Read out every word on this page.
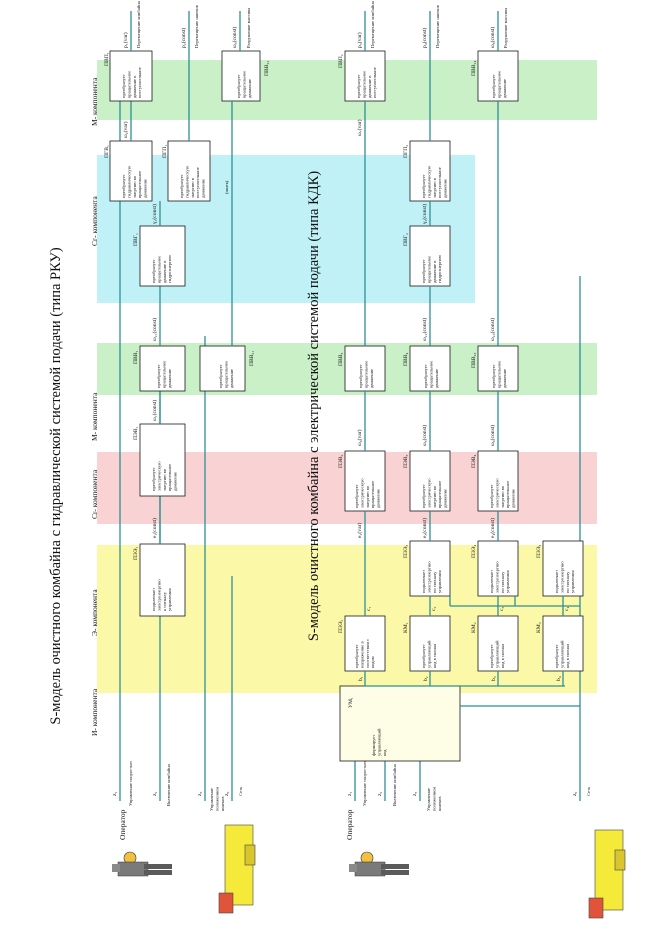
S-модель очистного комбайна с гидравлической системой подачи (типа РКУ)	S-модель очистного комбайна с электрической системой подачи (типа КДК)
И- компонента
Э- компонента
Сr- компонента
М- компонента
Сг- компонента
М- компонента
Оператор	Оператор
z₁ Управление скоростью	z₂ Включение комбайна	z₃ Управлениеположениемшнеков
z₀ Сеть
ПЭЭ₁
подключаетэлектроэнергиюк сигналууправления
e₁(const)
ПЭВ₁
преобразуетэлектрическуюэнергию вовращательноедвижение
ω₁(const)
ПВВ₁
преобразуетвращательноедвижение
ПВВ₂₁
преобразуетвращательноедвижение
ω₂₁(const)
ПВГ₁
преобразуетвращательноедвижение вгидроэнергию
γ₁(const)
ПГВ₁
преобразуетгидравлическуюэнергию вовращательноедвижение
ПГП₁
преобразуетгидравлическуюэнергию впоступательноедвижение
ω₂(var)
ПВП₁
преобразуетвращательноедвижение впоступательное
p₁(var) Перемещение комбайна	p₂(const) Перемещение шнеков
ПВВ₂₂
преобразуетвращательноедвижение
(шнек)
ω₃(const) Разрушение массива
z₁ Управление скоростью z₂ Включение комбайна	z₃ Управлениеположениемшнеков
z₀ Сеть
УМ₁
формируетуправляющийкод
ПЭЭ₂
преобразуетнапряжение всоответствии скодом
КМ₁
преобразуетуправляющийкод в сигнал
КМ₂
преобразуетуправляющийкод в сигнал
КМ₃
преобразуетуправляющийкод в сигнал
b₁	b₂	b₃	b₄
c₁	c₂	c₃	c₄
ПЭЭ₃
подключаетэлектроэнергиюпо сигналууправления
ПЭЭ₄
подключаетэлектроэнергиюпо сигналууправления
ПЭЭ₅
подключаетэлектроэнергиюпо сигналууправления
ПЭВ₂
преобразуетэлектрическуюэнергию вовращательноедвижение
ПЭВ₃
преобразуетэлектрическуюэнергию вовращательноедвижение
ПЭВ₄
преобразуетэлектрическуюэнергию вовращательноедвижение
e₂(var)	e₃(const)	e₄(const)
ПВВ₃
преобразуетвращательноедвижение
ПВВ₄
преобразуетвращательноедвижение
ПВВ₂₃
преобразуетвращательноедвижение
ω₄(var)	ω₅(const)	ω₆(const)
ПВГ₂
преобразуетвращательноедвижение вгидроэнергию
ω₂₂(const)
ПГП₂
преобразуетгидравлическуюэнергию впоступательноедвижение
γ₂(const)
ПВП₂
преобразуетвращательноедвижение впоступательное
ω₇(var)
p₃(var) Перемещение комбайна	p₄(const) Перемещение шнеков
ПВВ₂₄
преобразуетвращательноедвижение
ω₂₃(const)
ω₈(const) Разрушение массива
